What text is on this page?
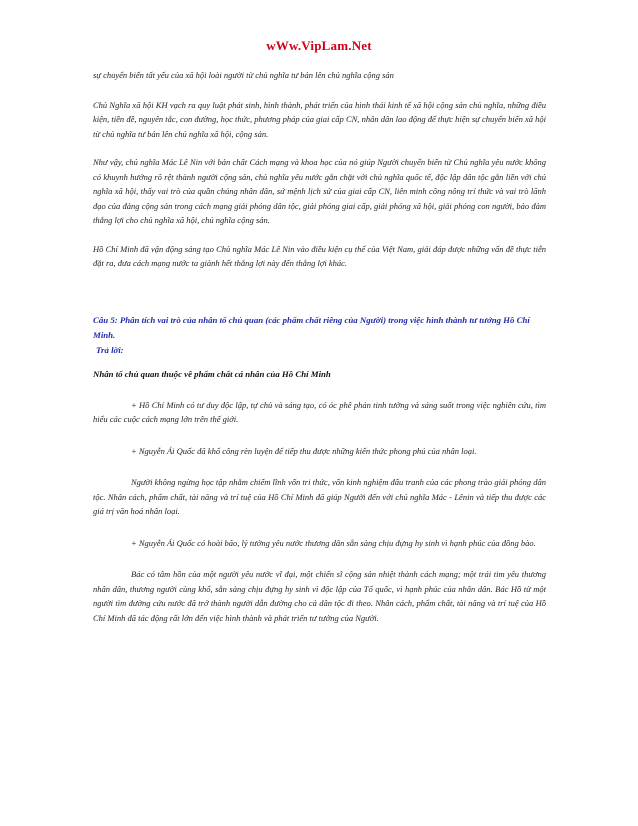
wWw.VipLam.Net

sự chuyển biến tất yếu của xã hội loài người từ chủ nghĩa tư bản lên chủ nghĩa cộng sản

Chủ Nghĩa xã hội KH vạch ra quy luật phát sinh, hình thành, phát triển của hình thái kinh tế xã hội cộng sản chủ nghĩa, những điều kiện, tiền đề, nguyên tắc, con đường, học thức, phương pháp của giai cấp CN, nhân dân lao động để thực hiện sự chuyển biến xã hội từ chủ nghĩa tư bản lên chủ nghĩa xã hội, cộng sản.

Như vậy, chủ nghĩa Mác Lê Nin với bản chất Cách mạng và khoa học của nó giúp Người chuyển biến từ Chủ nghĩa yêu nước không có khuynh hướng rõ rệt thành người cộng sản, chủ nghĩa yêu nước gắn chặt với chủ nghĩa quốc tế, độc lập dân tộc gắn liền với chủ nghĩa xã hội, thấy vai trò của quần chúng nhân dân, sứ mệnh lịch sử của giai cấp CN, liên minh công nông trí thức và vai trò lãnh đạo của đảng cộng sản trong cách mạng giải phóng dân tộc, giải phóng giai cấp, giải phóng xã hội, giải phóng con người, bảo đảm thắng lợi cho chủ nghĩa xã hội, chủ nghĩa cộng sản.

Hồ Chí Minh đã vận động sáng tạo Chủ nghĩa Mác Lê Nin vào điều kiện cụ thể của Việt Nam, giải đáp được những vấn đề thực tiễn đặt ra, đưa cách mạng nước ta giành hết thắng lợi này đến thắng lợi khác.

Câu 5: Phân tích vai trò của nhân tố chủ quan (các phẩm chất riêng của Người) trong việc hình thành tư tưởng Hồ Chí Minh.
Trả lời:
Nhân tố chủ quan thuộc về phẩm chất cá nhân của Hồ Chí Minh

+ Hồ Chí Minh có tư duy độc lập, tự chủ và sáng tạo, có óc phê phán tinh tường và sáng suốt trong việc nghiên cứu, tìm hiểu các cuộc cách mạng lớn trên thế giới.

+ Nguyễn Ái Quốc đã khổ công rèn luyện để tiếp thu được những kiến thức phong phú của nhân loại.

Người không ngừng học tập nhằm chiếm lĩnh vốn tri thức, vốn kinh nghiệm đấu tranh của các phong trào giải phóng dân tộc. Nhân cách, phẩm chất, tài năng và trí tuệ của Hồ Chí Minh đã giúp Người đến với chủ nghĩa Mác - Lênin và tiếp thu được các giá trị văn hoá nhân loại.

+ Nguyễn Ái Quốc có hoài bão, lý tưởng yêu nước thương dân sẵn sàng chịu đựng hy sinh vì hạnh phúc của đồng bào.

Bác có tâm hồn của một người yêu nước vĩ đại, một chiến sĩ cộng sản nhiệt thành cách mạng; một trái tim yêu thương nhân dân, thương người cùng khổ, sẵn sàng chịu đựng hy sinh vì độc lập của Tổ quốc, vì hạnh phúc của nhân dân. Bác Hồ từ một người tìm đường cứu nước đã trở thành người dẫn đường cho cả dân tộc đi theo. Nhân cách, phẩm chất, tài năng và trí tuệ của Hồ Chí Minh đã tác động rất lớn đến việc hình thành và phát triển tư tưởng của Người.
